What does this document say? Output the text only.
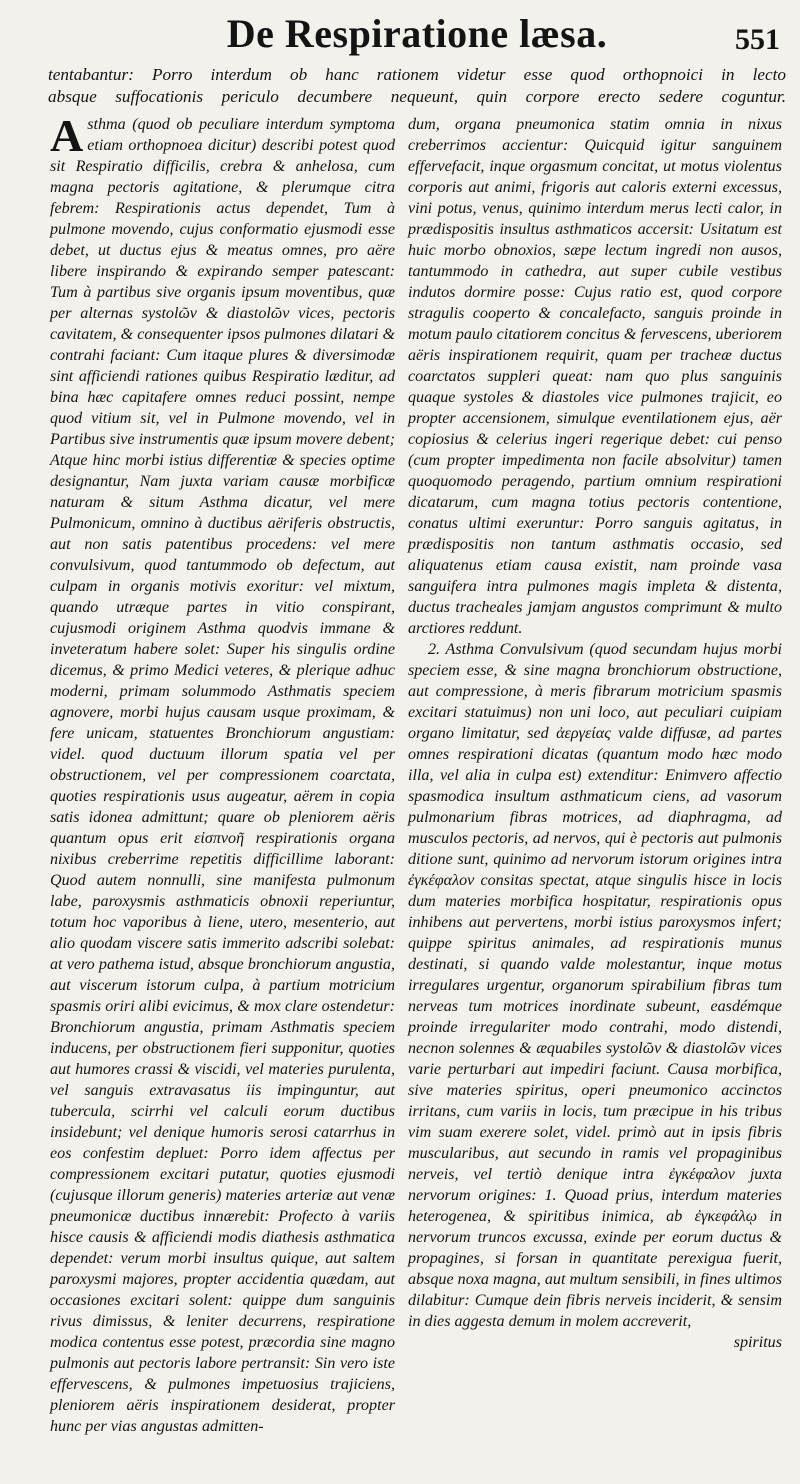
De Respiratione læsa.	551
tentabantur: Porro interdum ob hanc rationem videtur esse quod orthopnoici in lecto
absque suffocationis periculo decumbere nequeunt, quin corpore erecto sedere coguntur.

Asthma (quod ob peculiare interdum symptoma etiam orthopnoea dicitur) describi potest quod sit Respiratio difficilis, crebra & anhelosa, cum magna pectoris agitatione, & plerumque citra febrem: Respirationis actus dependet, Tum à pulmone movendo, cujus conformatio ejusmodi esse debet, ut ductus ejus & meatus omnes, pro aëre libere inspirando & expirando semper patescant: Tum à partibus sive organis ipsum moventibus, quæ per alternas systolῶν & diastolῶν vices, pectoris cavitatem, & consequenter ipsos pulmones dilatari & contrahi faciant: Cum itaque plures & diversimodæ sint afficiendi rationes quibus Respiratio læditur, ad bina hæc capitafere omnes reduci possint, nempe quod vitium sit, vel in Pulmone movendo, vel in Partibus sive instrumentis quæ ipsum movere debent; Atque hinc morbi istius differentiæ & species optime designantur, Nam juxta variam causæ morbificæ naturam & situm Asthma dicatur, vel mere Pulmonicum, omnino à ductibus aëriferis obstructis, aut non satis patentibus procedens: vel mere convulsivum, quod tantummodo ob defectum, aut culpam in organis motivis exoritur: vel mixtum, quando utræque partes in vitio conspirant, cujusmodi originem Asthma quodvis immane & inveteratum habere solet: Super his singulis ordine dicemus, & primo Medici veteres, & plerique adhuc moderni, primam solummodo Asthmatis speciem agnovere, morbi hujus causam usque proximam, & fere unicam, statuentes Bronchiorum angustiam: videl. quod ductuum illorum spatia vel per obstructionem, vel per compressionem coarctata, quoties respirationis usus augeatur, aërem in copia satis idonea admittunt; quare ob pleniorem aëris quantum opus erit εἰσπνοῆ respirationis organa nixibus creberrime repetitis difficillime laborant: Quod autem nonnulli, sine manifesta pulmonum labe, paroxysmis asthmaticis obnoxii reperiuntur, totum hoc vaporibus à liene, utero, mesenterio, aut alio quodam viscere satis immerito adscribi solebat: at vero pathema istud, absque bronchiorum angustia, aut viscerum istorum culpa, à partium motricium spasmis oriri alibi evicimus, & mox clare ostendetur: Bronchiorum angustia, primam Asthmatis speciem inducens, per obstructionem fieri supponitur, quoties aut humores crassi & viscidi, vel materies purulenta, vel sanguis extravasatus iis impinguntur, aut tubercula, scirrhi vel calculi eorum ductibus insidebunt; vel denique humoris serosi catarrhus in eos confestim depluet: Porro idem affectus per compressionem excitari putatur, quoties ejusmodi (cujusque illorum generis) materies arteriæ aut venæ pneumonicæ ductibus innærebit: Profecto à variis hisce causis & afficiendi modis diathesis asthmatica dependet: verum morbi insultus quique, aut saltem paroxysmi majores, propter accidentia quædam, aut occasiones excitari solent: quippe dum sanguinis rivus dimissus, & leniter decurrens, respiratione modica contentus esse potest, præcordia sine magno pulmonis aut pectoris labore pertransit: Sin vero iste effervescens, & pulmones impetuosius trajiciens, pleniorem aëris inspirationem desiderat, propter hunc per vias angustas admitten-

dum, organa pneumonica statim omnia in nixus creberrimos accientur: Quicquid igitur sanguinem effervefacit, inque orgasmum concitat, ut motus violentus corporis aut animi, frigoris aut caloris externi excessus, vini potus, venus, quinimo interdum merus lecti calor, in prædispositis insultus asthmaticos accersit: Usitatum est huic morbo obnoxios, sæpe lectum ingredi non ausos, tantummodo in cathedra, aut super cubile vestibus indutos dormire posse: Cujus ratio est, quod corpore stragulis cooperto & concalefacto, sanguis proinde in motum paulo citatiorem concitus & fervescens, uberiorem aëris inspirationem requirit, quam per tracheæ ductus coarctatos suppleri queat: nam quo plus sanguinis quaque systoles & diastoles vice pulmones trajicit, eo propter accensionem, simulque eventilationem ejus, aër copiosius & celerius ingeri regerique debet: cui penso (cum propter impedimenta non facile absolvitur) tamen quoquomodo peragendo, partium omnium respirationi dicatarum, cum magna totius pectoris contentione, conatus ultimi exeruntur: Porro sanguis agitatus, in prædispositis non tantum asthmatis occasio, sed aliquatenus etiam causa existit, nam proinde vasa sanguifera intra pulmones magis impleta & distenta, ductus tracheales jamjam angustos comprimunt & multo arctiores reddunt.

2. Asthma Convulsivum (quod secundam hujus morbi speciem esse, & sine magna bronchiorum obstructione, aut compressione, à meris fibrarum motricium spasmis excitari statuimus) non uni loco, aut peculiari cuipiam organo limitatur, sed ἀεργείας valde diffusæ, ad partes omnes respirationi dicatas (quantum modo hæc modo illa, vel alia in culpa est) extenditur: Enimvero affectio spasmodica insultum asthmaticum ciens, ad vasorum pulmonarium fibras motrices, ad diaphragma, ad musculos pectoris, ad nervos, qui è pectoris aut pulmonis ditione sunt, quinimo ad nervorum istorum origines intra ἐγκέφαλον consitas spectat, atque singulis hisce in locis dum materies morbifica hospitatur, respirationis opus inhibens aut pervertens, morbi istius paroxysmos infert; quippe spiritus animales, ad respirationis munus destinati, si quando valde molestantur, inque motus irregulares urgentur, organorum spirabilium fibras tum nerveas tum motrices inordinate subeunt, easdémque proinde irregulariter modo contrahi, modo distendi, necnon solennes & æquabiles systolῶν & diastolῶν vices varie perturbari aut impediri faciunt. Causa morbifica, sive materies spiritus, operi pneumonico accinctos irritans, cum variis in locis, tum præcipue in his tribus vim suam exerere solet, videl. primò aut in ipsis fibris muscularibus, aut secundo in ramis vel propaginibus nerveis, vel tertiò denique intra ἐγκέφαλον juxta nervorum origines: 1. Quoad prius, interdum materies heterogenea, & spiritibus inimica, ab ἐγκεφάλῳ in nervorum truncos excussa, exinde per eorum ductus & propagines, si forsan in quantitate perexigua fuerit, absque noxa magna, aut multum sensibili, in fines ultimos dilabitur: Cumque dein fibris nerveis inciderit, & sensim in dies aggesta demum in molem accreverit,

spiritus
